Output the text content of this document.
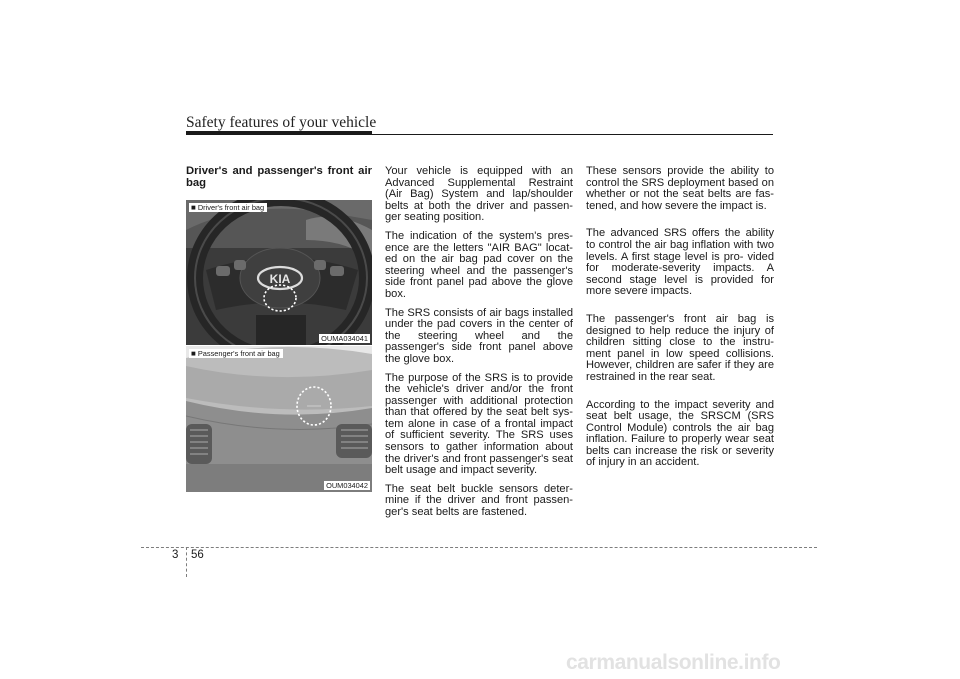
Safety features of your vehicle

Driver's and passenger's front air bag

KIA
■ Driver's front air bag
OUMA034041
■ Passenger's front air bag
OUM034042

Your vehicle is equipped with an Advanced Supplemental Restraint (Air Bag) System and lap/shoulder belts at both the driver and passen- ger seating position.

The indication of the system's pres- ence are the letters "AIR BAG" locat- ed on the air bag pad cover on the steering wheel and the passenger's side front panel pad above the glove box.

The SRS consists of air bags installed under the pad covers in the center of the steering wheel and the passenger's side front panel above the glove box.

The purpose of the SRS is to provide the vehicle's driver and/or the front passenger with additional protection than that offered by the seat belt sys- tem alone in case of a frontal impact of sufficient severity. The SRS uses sensors to gather information about the driver's and front passenger's seat belt usage and impact severity.

The seat belt buckle sensors deter- mine if the driver and front passen- ger's seat belts are fastened.

These sensors provide the ability to control the SRS deployment based on whether or not the seat belts are fas- tened, and how severe the impact is.

The advanced SRS offers the ability to control the air bag inflation with two levels. A first stage level is pro- vided for moderate-severity impacts. A second stage level is provided for more severe impacts.

The passenger's front air bag is designed to help reduce the injury of children sitting close to the instru- ment panel in low speed collisions. However, children are safer if they are restrained in the rear seat.

According to the impact severity and seat belt usage, the SRSCM (SRS Control Module) controls the air bag inflation. Failure to properly wear seat belts can increase the risk or severity of injury in an accident.

3 56
carmanualsonline.info
